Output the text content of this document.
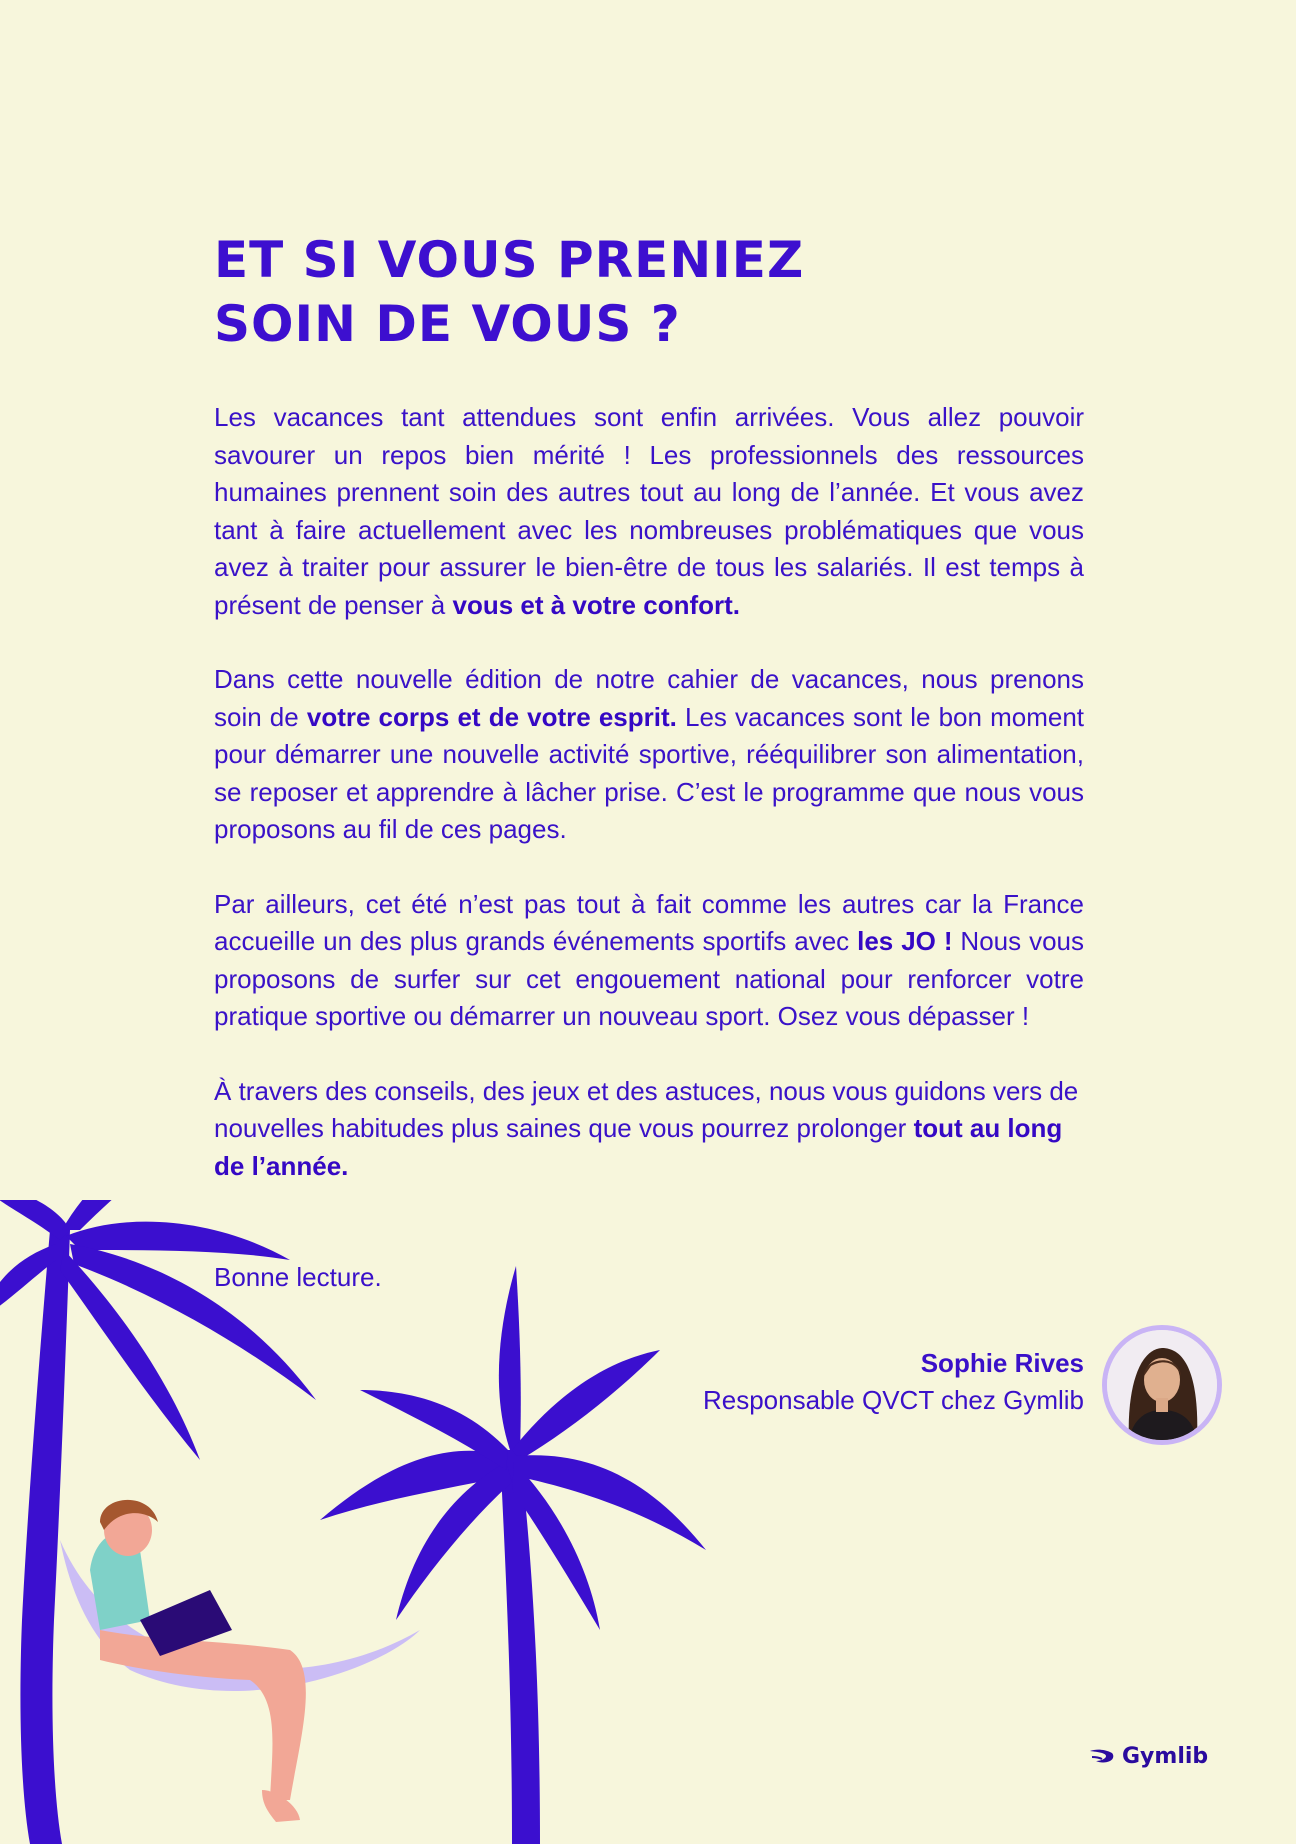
ET SI VOUS PRENIEZ
SOIN DE VOUS ?

Les vacances tant attendues sont enfin arrivées. Vous allez pouvoir savourer un repos bien mérité ! Les professionnels des ressources humaines prennent soin des autres tout au long de l’année. Et vous avez tant à faire actuellement avec les nombreuses problématiques que vous avez à traiter pour assurer le bien-être de tous les salariés. Il est temps à présent de penser à vous et à votre confort.

Dans cette nouvelle édition de notre cahier de vacances, nous prenons soin de votre corps et de votre esprit. Les vacances sont le bon moment pour démarrer une nouvelle activité sportive, rééquilibrer son alimentation, se reposer et apprendre à lâcher prise. C’est le programme que nous vous proposons au fil de ces pages.

Par ailleurs, cet été n’est pas tout à fait comme les autres car la France accueille un des plus grands événements sportifs avec les JO ! Nous vous proposons de surfer sur cet engouement national pour renforcer votre pratique sportive ou démarrer un nouveau sport. Osez vous dépasser !

À travers des conseils, des jeux et des astuces, nous vous guidons vers de nouvelles habitudes plus saines que vous pourrez prolonger tout au long de l’année.

Bonne lecture.

Sophie Rives
Responsable QVCT chez Gymlib
Gymlib
